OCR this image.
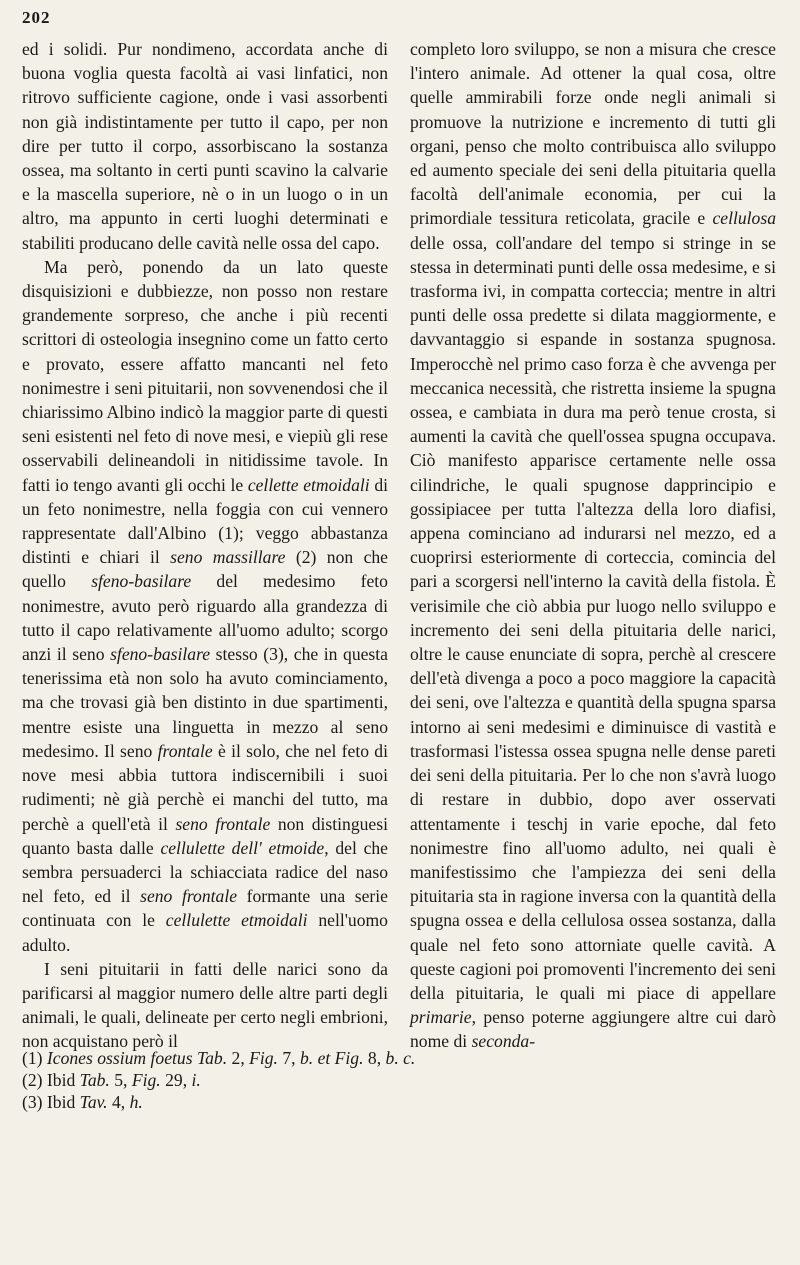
202

ed i solidi. Pur nondimeno, accordata anche di buona voglia questa facoltà ai vasi linfatici, non ritrovo sufficiente cagione, onde i vasi assorbenti non già indistintamente per tutto il capo, per non dire per tutto il corpo, assorbiscano la sostanza ossea, ma soltanto in certi punti scavino la calvarie e la mascella superiore, nè o in un luogo o in un altro, ma appunto in certi luoghi determinati e stabiliti producano delle cavità nelle ossa del capo.

Ma però, ponendo da un lato queste disquisizioni e dubbiezze, non posso non restare grandemente sorpreso, che anche i più recenti scrittori di osteologia insegnino come un fatto certo e provato, essere affatto mancanti nel feto nonimestre i seni pituitarii, non sovvenendosi che il chiarissimo Albino indicò la maggior parte di questi seni esistenti nel feto di nove mesi, e viepiù gli rese osservabili delineandoli in nitidissime tavole. In fatti io tengo avanti gli occhi le cellette etmoidali di un feto nonimestre, nella foggia con cui vennero rappresentate dall'Albino (1); veggo abbastanza distinti e chiari il seno massillare (2) non che quello sfeno-basilare del medesimo feto nonimestre, avuto però riguardo alla grandezza di tutto il capo relativamente all'uomo adulto; scorgo anzi il seno sfeno-basilare stesso (3), che in questa tenerissima età non solo ha avuto cominciamento, ma che trovasi già ben distinto in due spartimenti, mentre esiste una linguetta in mezzo al seno medesimo. Il seno frontale è il solo, che nel feto di nove mesi abbia tuttora indiscernibili i suoi rudimenti; nè già perchè ei manchi del tutto, ma perchè a quell'età il seno frontale non distinguesi quanto basta dalle cellulette dell' etmoide, del che sembra persuaderci la schiacciata radice del naso nel feto, ed il seno frontale formante una serie continuata con le cellulette etmoidali nell'uomo adulto.

I seni pituitarii in fatti delle narici sono da parificarsi al maggior numero delle altre parti degli animali, le quali, delineate per certo negli embrioni, non acquistano però il

completo loro sviluppo, se non a misura che cresce l'intero animale. Ad ottener la qual cosa, oltre quelle ammirabili forze onde negli animali si promuove la nutrizione e incremento di tutti gli organi, penso che molto contribuisca allo sviluppo ed aumento speciale dei seni della pituitaria quella facoltà dell'animale economia, per cui la primordiale tessitura reticolata, gracile e cellulosa delle ossa, coll'andare del tempo si stringe in se stessa in determinati punti delle ossa medesime, e si trasforma ivi, in compatta corteccia; mentre in altri punti delle ossa predette si dilata maggiormente, e davvantaggio si espande in sostanza spugnosa. Imperocchè nel primo caso forza è che avvenga per meccanica necessità, che ristretta insieme la spugna ossea, e cambiata in dura ma però tenue crosta, si aumenti la cavità che quell'ossea spugna occupava. Ciò manifesto apparisce certamente nelle ossa cilindriche, le quali spugnose dapprincipio e gossipiacee per tutta l'altezza della loro diafisi, appena cominciano ad indurarsi nel mezzo, ed a cuoprirsi esteriormente di corteccia, comincia del pari a scorgersi nell'interno la cavità della fistola. È verisimile che ciò abbia pur luogo nello sviluppo e incremento dei seni della pituitaria delle narici, oltre le cause enunciate di sopra, perchè al crescere dell'età divenga a poco a poco maggiore la capacità dei seni, ove l'altezza e quantità della spugna sparsa intorno ai seni medesimi e diminuisce di vastità e trasformasi l'istessa ossea spugna nelle dense pareti dei seni della pituitaria. Per lo che non s'avrà luogo di restare in dubbio, dopo aver osservati attentamente i teschj in varie epoche, dal feto nonimestre fino all'uomo adulto, nei quali è manifestissimo che l'ampiezza dei seni della pituitaria sta in ragione inversa con la quantità della spugna ossea e della cellulosa ossea sostanza, dalla quale nel feto sono attorniate quelle cavità. A queste cagioni poi promoventi l'incremento dei seni della pituitaria, le quali mi piace di appellare primarie, penso poterne aggiungere altre cui darò nome di seconda-

(1) Icones ossium foetus Tab. 2, Fig. 7, b. et Fig. 8, b. c.
(2) Ibid Tab. 5, Fig. 29, i.
(3) Ibid Tav. 4, h.
